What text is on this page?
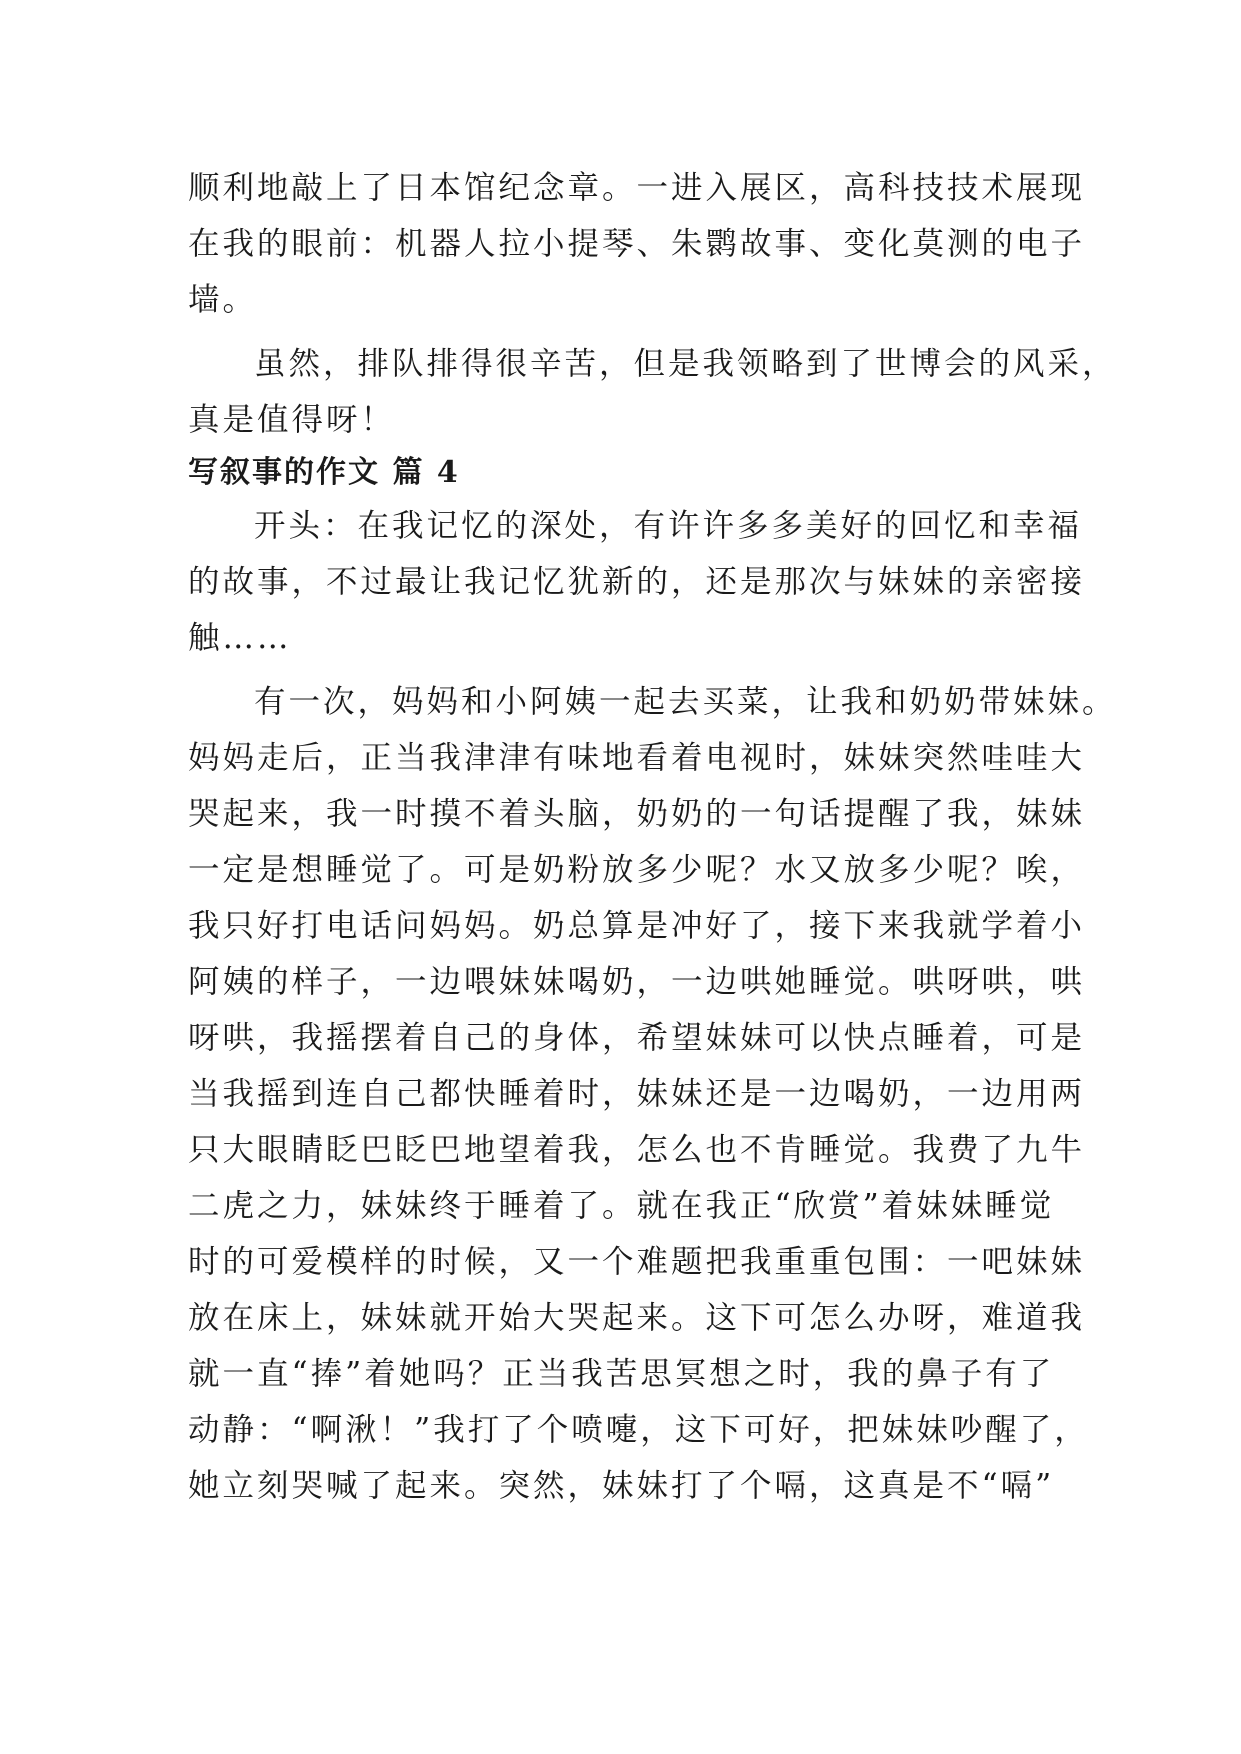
顺利地敲上了日本馆纪念章。一进入展区，高科技技术展现
在我的眼前：机器人拉小提琴、朱鹮故事、变化莫测的电子
墙。

虽然，排队排得很辛苦，但是我领略到了世博会的风采，
真是值得呀！

写叙事的作文 篇 4

开头：在我记忆的深处，有许许多多美好的回忆和幸福
的故事，不过最让我记忆犹新的，还是那次与妹妹的亲密接
触……

有一次，妈妈和小阿姨一起去买菜，让我和奶奶带妹妹。
妈妈走后，正当我津津有味地看着电视时，妹妹突然哇哇大
哭起来，我一时摸不着头脑，奶奶的一句话提醒了我，妹妹
一定是想睡觉了。可是奶粉放多少呢？水又放多少呢？唉，
我只好打电话问妈妈。奶总算是冲好了，接下来我就学着小
阿姨的样子，一边喂妹妹喝奶，一边哄她睡觉。哄呀哄，哄
呀哄，我摇摆着自己的身体，希望妹妹可以快点睡着，可是
当我摇到连自己都快睡着时，妹妹还是一边喝奶，一边用两
只大眼睛眨巴眨巴地望着我，怎么也不肯睡觉。我费了九牛
二虎之力，妹妹终于睡着了。就在我正“欣赏”着妹妹睡觉
时的可爱模样的时候，又一个难题把我重重包围：一吧妹妹
放在床上，妹妹就开始大哭起来。这下可怎么办呀，难道我
就一直“捧”着她吗？正当我苦思冥想之时，我的鼻子有了
动静：“啊湫！”我打了个喷嚏，这下可好，把妹妹吵醒了，
她立刻哭喊了起来。突然，妹妹打了个嗝，这真是不“嗝”
